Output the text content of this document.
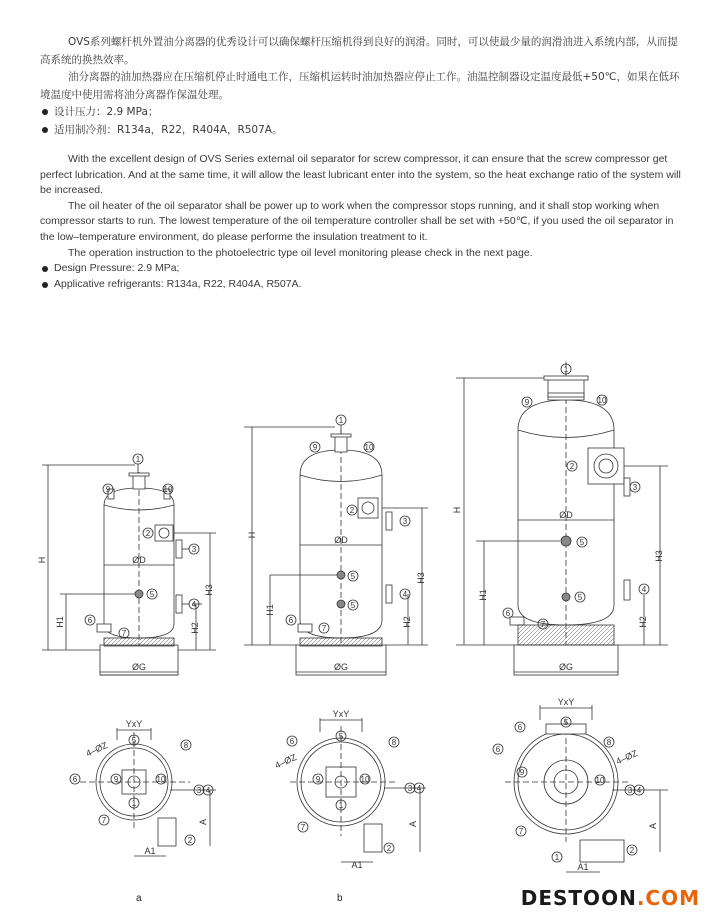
OVS系列螺杆机外置油分离器的优秀设计可以确保螺杆压缩机得到良好的润滑。同时，可以使最少量的润滑油进入系统内部，从而提高系统的换热效率。

油分离器的油加热器应在压缩机停止时通电工作，压缩机运转时油加热器应停止工作。油温控制器设定温度最低+50℃，如果在低环境温度中使用需将油分离器作保温处理。

设计压力：2.9 MPa；

适用制冷剂：R134a，R22，R404A，R507A。

With the excellent design of OVS Series external oil separator for screw compressor, it can ensure that the screw compressor get perfect lubrication. And at the same time, it will allow the least lubricant enter into the system, so the heat exchange ratio of the system will be increased.

The oil heater of the oil separator shall be power up to work when the compressor stops running, and it shall stop working when compressor starts to run. The lowest temperature of the oil temperature controller shall be set with +50℃, if you used the oil separator in the low–temperature environment, do please performe the insulation treatment to it.

The operation instruction to the photoelectric type oil level monitoring please check in the next page.

Design Pressure: 2.9 MPa;

Applicative refrigerants: R134a, R22, R404A, R507A.

1
9	10
2
3
4
5
6
7
1
9	10
2
3
4
5
5
6
7
1
9	10
2
3
4
5
5
6
7
5
8
6	9	10
1
3 4
7
2
5
6	8
9	10
1
3 4
7
2
5
6
8
6
9
10
3 4
7
1
2
H
H1
H3
H2
ØD
ØG
H
H1
H3
H2
ØD
ØG
H
H1
H3
H2
ØD
ØG
YxY
YxY
YxY
4–ØZ
4–ØZ	4–ØZ
A	A	A
A1
A1	A1
a	b	DESTOON.COM
